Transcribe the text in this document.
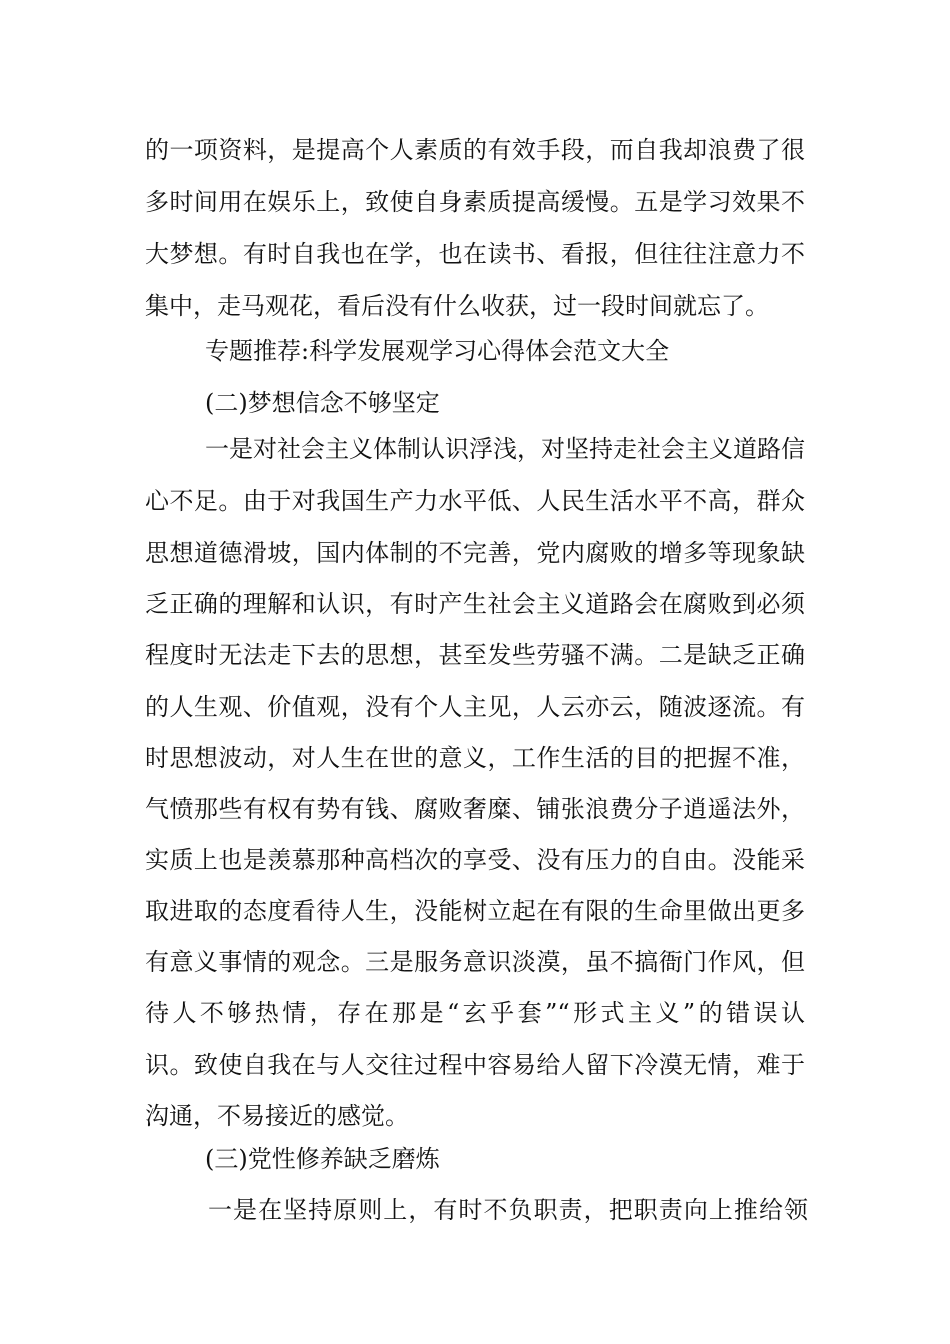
的一项资料，是提高个人素质的有效手段，而自我却浪费了很
多时间用在娱乐上，致使自身素质提高缓慢。五是学习效果不
大梦想。有时自我也在学，也在读书、看报，但往往注意力不
集中，走马观花，看后没有什么收获，过一段时间就忘了。
专题推荐:科学发展观学习心得体会范文大全
(二)梦想信念不够坚定
一是对社会主义体制认识浮浅，对坚持走社会主义道路信
心不足。由于对我国生产力水平低、人民生活水平不高，群众
思想道德滑坡，国内体制的不完善，党内腐败的增多等现象缺
乏正确的理解和认识，有时产生社会主义道路会在腐败到必须
程度时无法走下去的思想，甚至发些劳骚不满。二是缺乏正确
的人生观、价值观，没有个人主见，人云亦云，随波逐流。有
时思想波动，对人生在世的意义，工作生活的目的把握不准，
气愤那些有权有势有钱、腐败奢糜、铺张浪费分子逍遥法外，
实质上也是羡慕那种高档次的享受、没有压力的自由。没能采
取进取的态度看待人生，没能树立起在有限的生命里做出更多
有意义事情的观念。三是服务意识淡漠，虽不搞衙门作风，但
待人不够热情，存在那是“玄乎套”“形式主义”的错误认
识。致使自我在与人交往过程中容易给人留下冷漠无情，难于
沟通，不易接近的感觉。
(三)党性修养缺乏磨炼
一是在坚持原则上，有时不负职责，把职责向上推给领
